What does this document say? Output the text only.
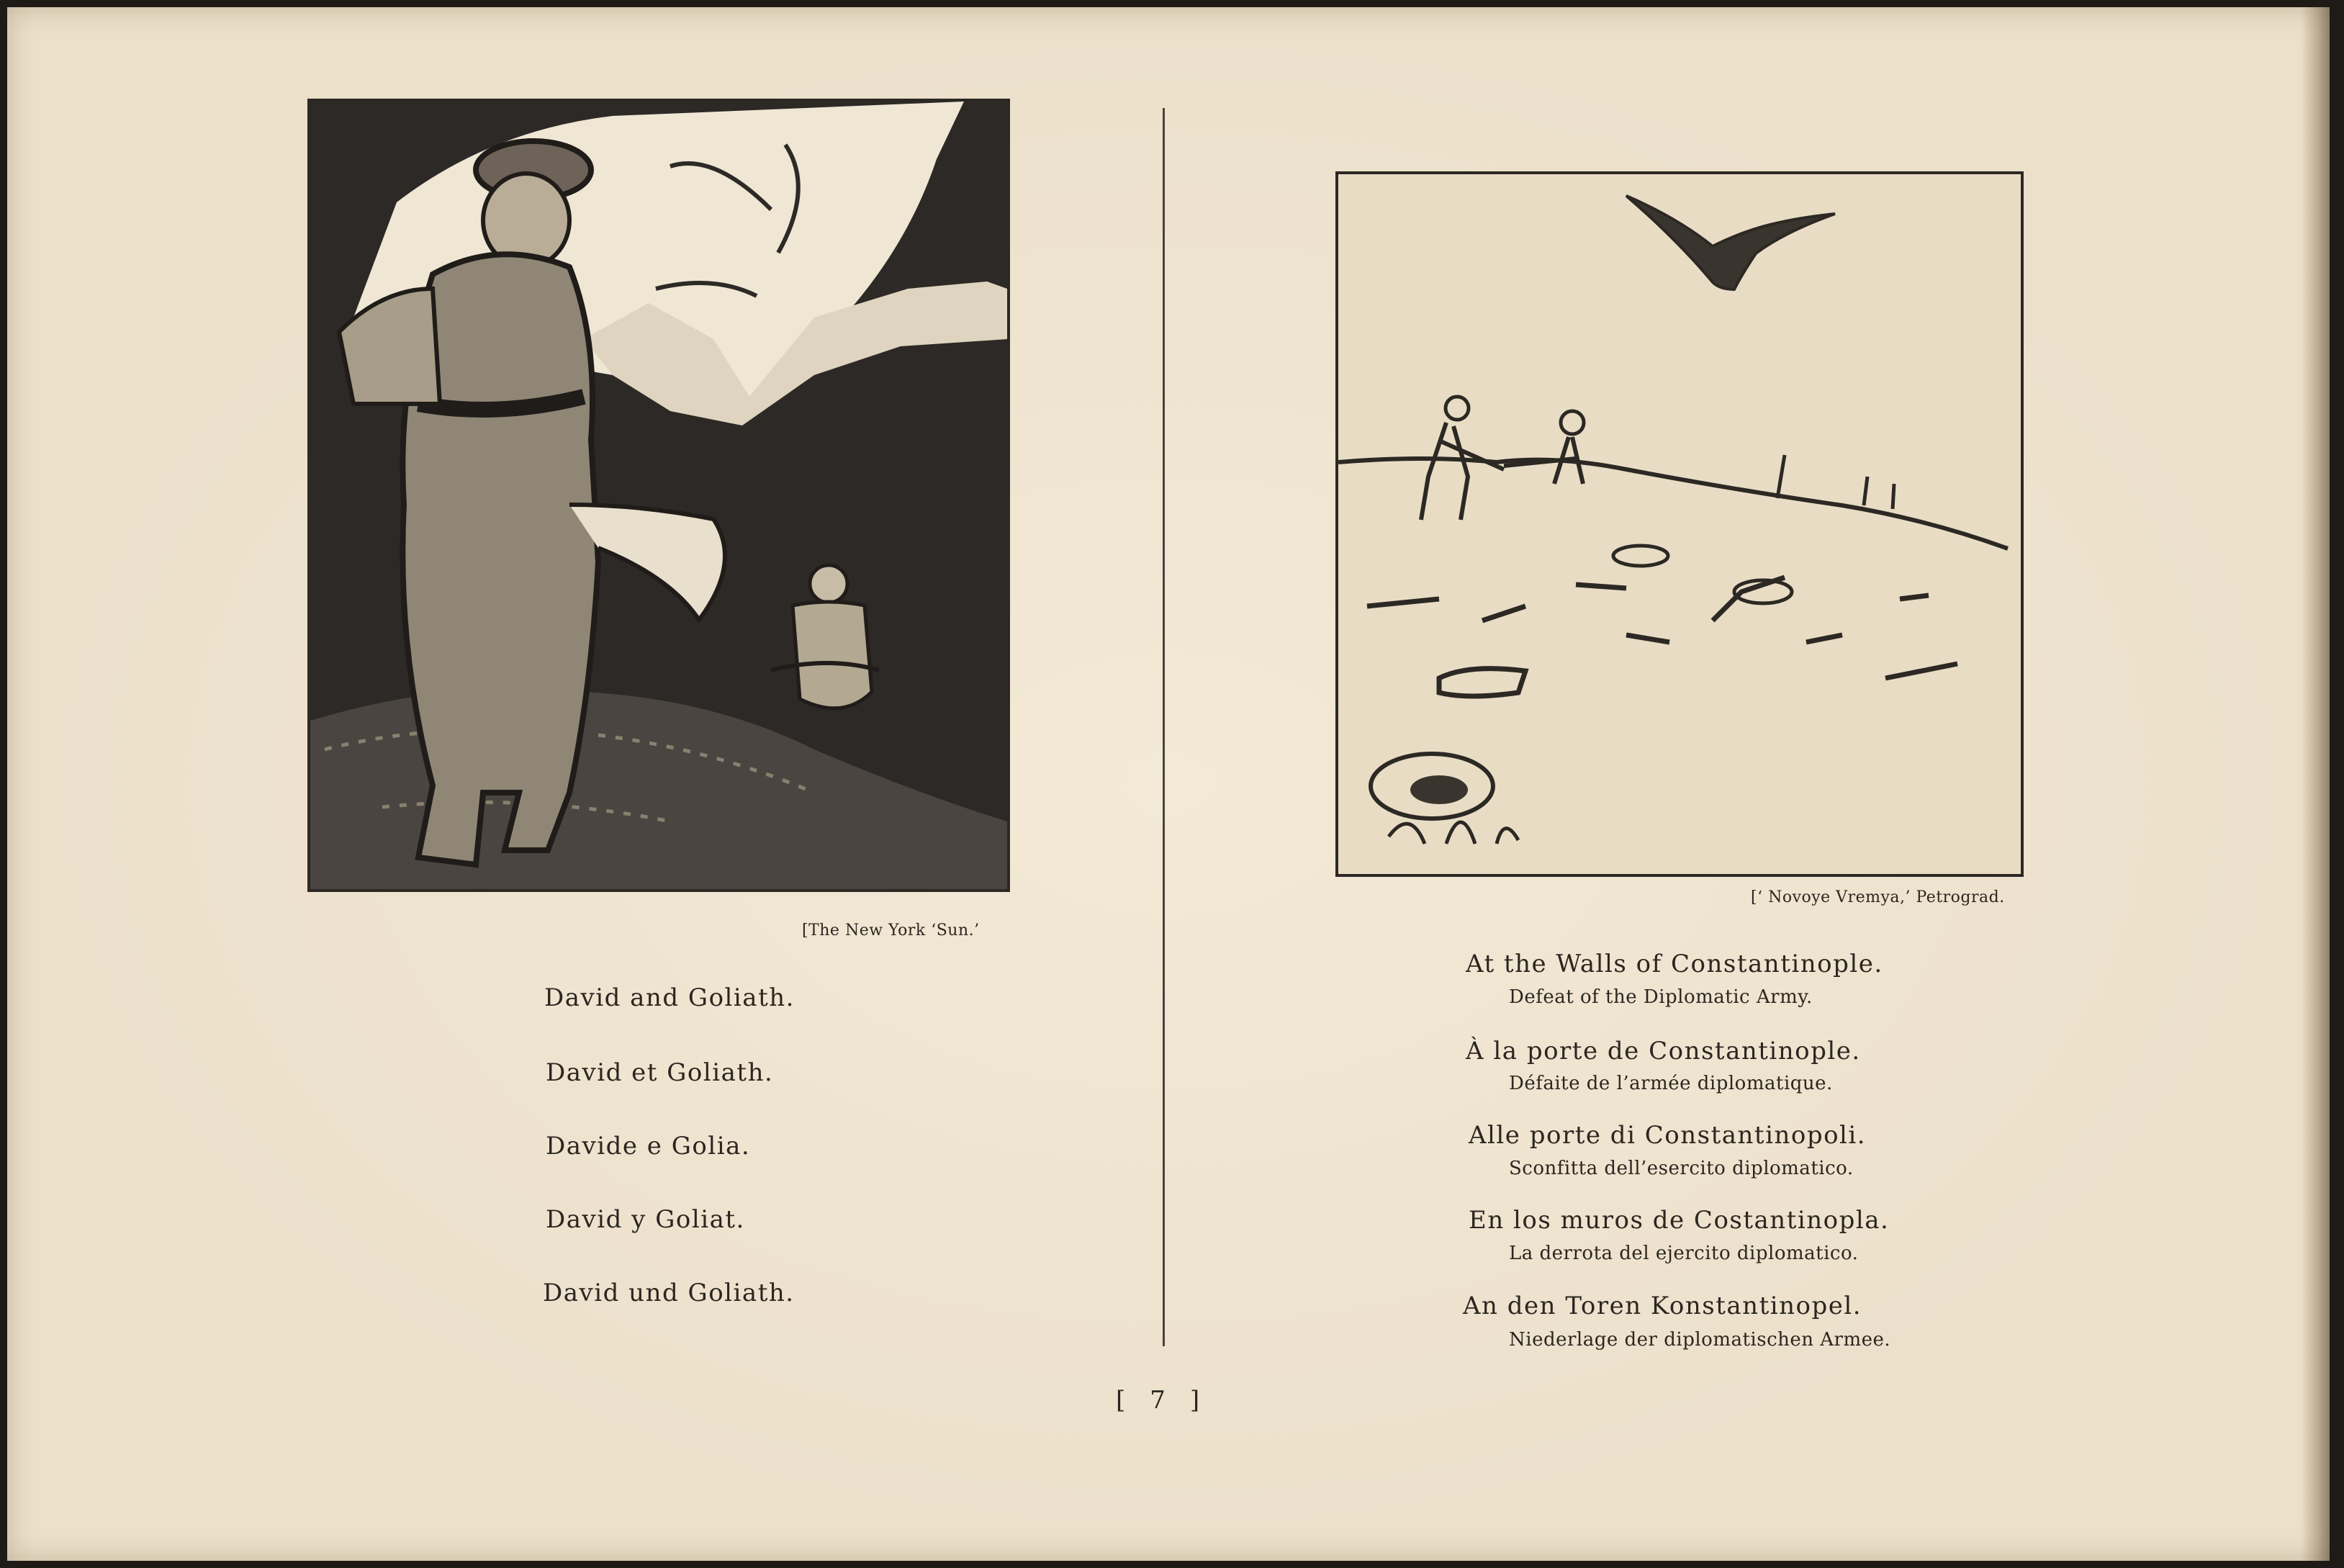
[The New York ‘Sun.’
David and Goliath.
David et Goliath.
Davide e Golia.
David y Goliat.
David und Goliath.
[‘ Novoye Vremya,’ Petrograd.
At the Walls of Constantinople.
Defeat of the Diplomatic Army.
À la porte de Constantinople.
Défaite de l’armée diplomatique.
Alle porte di Constantinopoli.
Sconfitta dell’esercito diplomatico.
En los muros de Costantinopla.
La derrota del ejercito diplomatico.
An den Toren Konstantinopel.
Niederlage der diplomatischen Armee.
[ 7 ]
